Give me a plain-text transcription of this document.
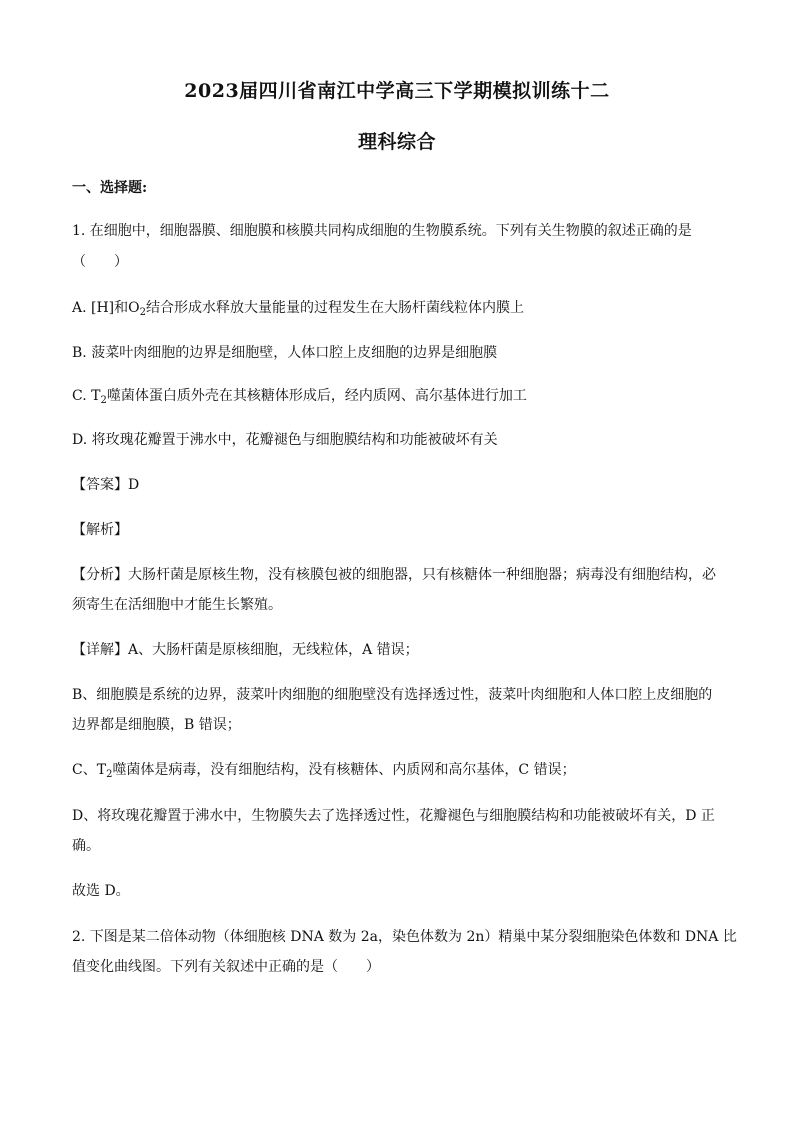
2023届四川省南江中学高三下学期模拟训练十二
理科综合
一、选择题:
1. 在细胞中，细胞器膜、细胞膜和核膜共同构成细胞的生物膜系统。下列有关生物膜的叙述正确的是
（　　）
A. [H]和$O_2$结合形成水释放大量能量的过程发生在大肠杆菌线粒体内膜上
B. 菠菜叶肉细胞的边界是细胞壁，人体口腔上皮细胞的边界是细胞膜
C. $T_2$噬菌体蛋白质外壳在其核糖体形成后，经内质网、高尔基体进行加工
D. 将玫瑰花瓣置于沸水中，花瓣褪色与细胞膜结构和功能被破坏有关
【答案】D
【解析】
【分析】大肠杆菌是原核生物，没有核膜包被的细胞器，只有核糖体一种细胞器；病毒没有细胞结构，必
须寄生在活细胞中才能生长繁殖。
【详解】A、大肠杆菌是原核细胞，无线粒体，A 错误；
B、细胞膜是系统的边界，菠菜叶肉细胞的细胞壁没有选择透过性，菠菜叶肉细胞和人体口腔上皮细胞的
边界都是细胞膜，B 错误；
C、$T_2$噬菌体是病毒，没有细胞结构，没有核糖体、内质网和高尔基体，C 错误；
D、将玫瑰花瓣置于沸水中，生物膜失去了选择透过性，花瓣褪色与细胞膜结构和功能被破坏有关，D 正
确。
故选 D。
2. 下图是某二倍体动物（体细胞核 DNA 数为 2a，染色体数为 2n）精巢中某分裂细胞染色体数和 DNA 比
值变化曲线图。下列有关叙述中正确的是（　　）
